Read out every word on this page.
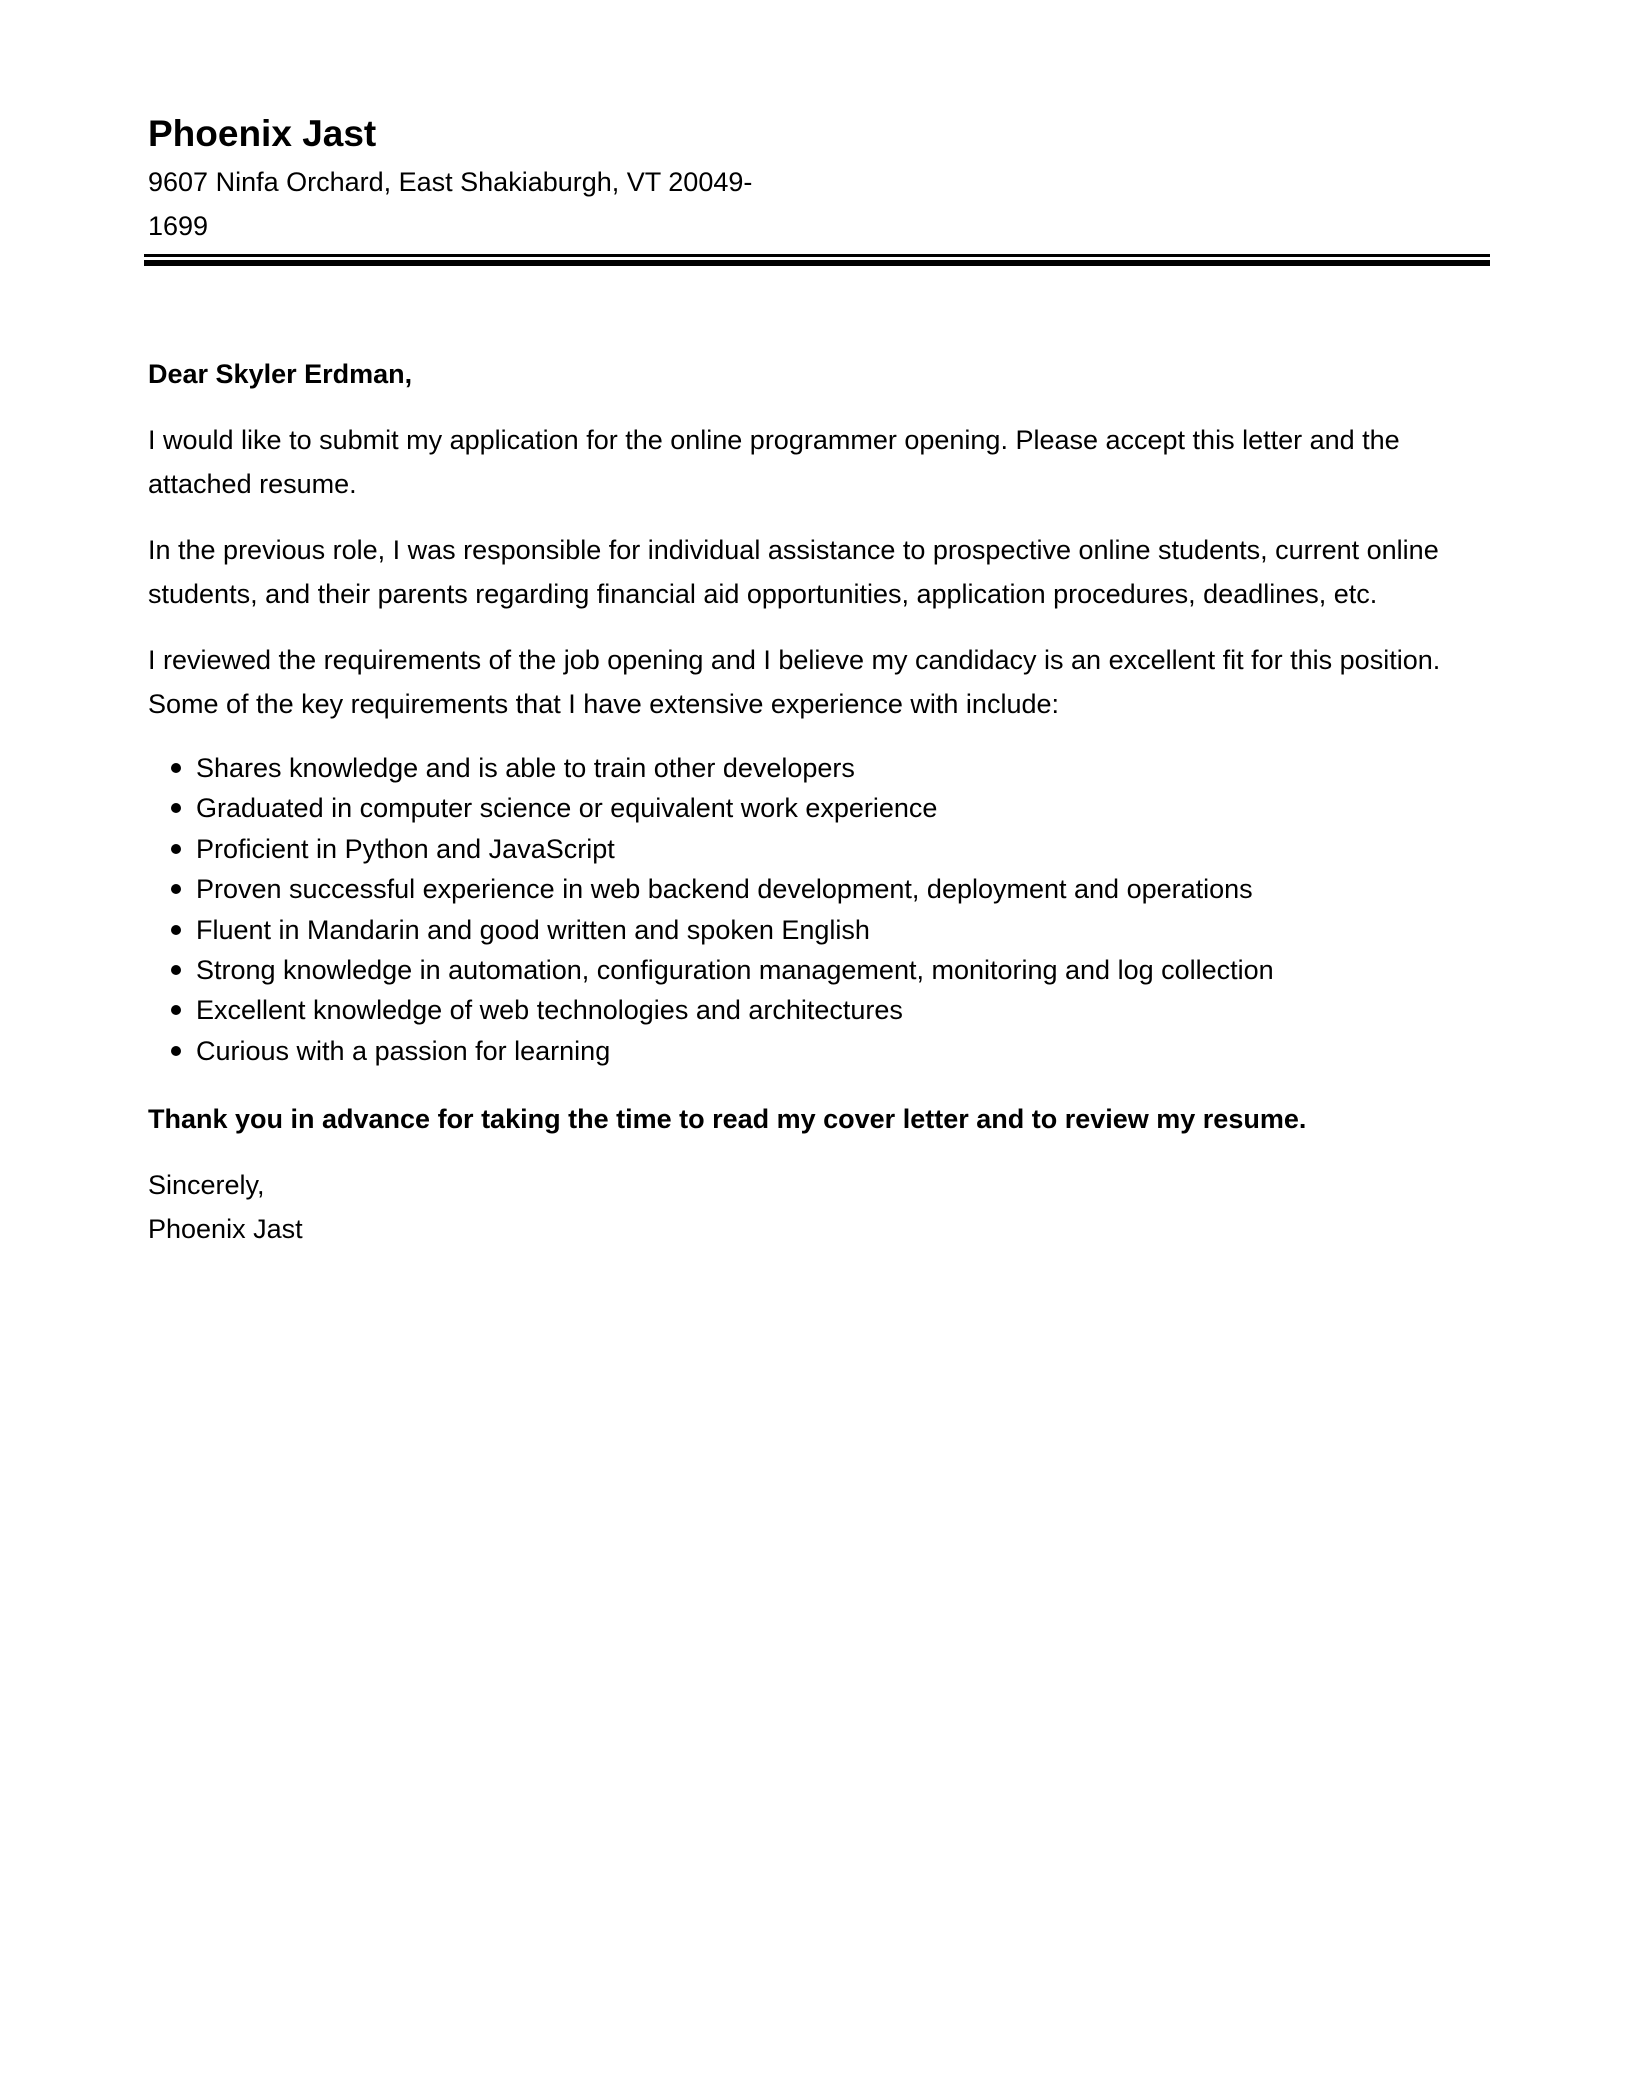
Phoenix Jast

9607 Ninfa Orchard, East Shakiaburgh, VT 20049-1699

Dear Skyler Erdman,

I would like to submit my application for the online programmer opening. Please accept this letter and the attached resume.

In the previous role, I was responsible for individual assistance to prospective online students, current online students, and their parents regarding financial aid opportunities, application procedures, deadlines, etc.

I reviewed the requirements of the job opening and I believe my candidacy is an excellent fit for this position. Some of the key requirements that I have extensive experience with include:

Shares knowledge and is able to train other developers
Graduated in computer science or equivalent work experience
Proficient in Python and JavaScript
Proven successful experience in web backend development, deployment and operations
Fluent in Mandarin and good written and spoken English
Strong knowledge in automation, configuration management, monitoring and log collection
Excellent knowledge of web technologies and architectures
Curious with a passion for learning

Thank you in advance for taking the time to read my cover letter and to review my resume.

Sincerely,

Phoenix Jast
